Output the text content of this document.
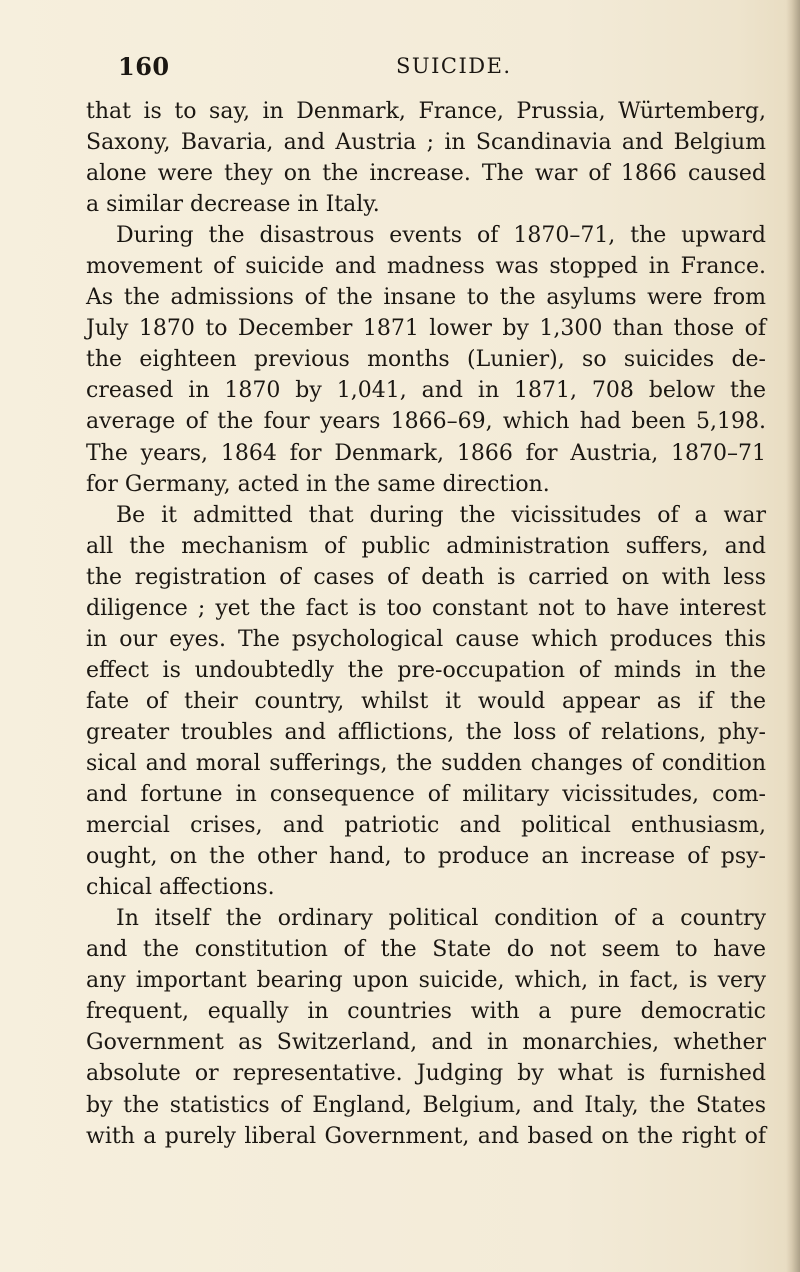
160	SUICIDE.
that is to say, in Denmark, France, Prussia, Würtemberg,
Saxony, Bavaria, and Austria ; in Scandinavia and Belgium
alone were they on the increase. The war of 1866 caused
a similar decrease in Italy.
During the disastrous events of 1870–71, the upward
movement of suicide and madness was stopped in France.
As the admissions of the insane to the asylums were from
July 1870 to December 1871 lower by 1,300 than those of
the eighteen previous months (Lunier), so suicides de-
creased in 1870 by 1,041, and in 1871, 708 below the
average of the four years 1866–69, which had been 5,198.
The years, 1864 for Denmark, 1866 for Austria, 1870–71
for Germany, acted in the same direction.
Be it admitted that during the vicissitudes of a war
all the mechanism of public administration suffers, and
the registration of cases of death is carried on with less
diligence ; yet the fact is too constant not to have interest
in our eyes. The psychological cause which produces this
effect is undoubtedly the pre-occupation of minds in the
fate of their country, whilst it would appear as if the
greater troubles and afflictions, the loss of relations, phy-
sical and moral sufferings, the sudden changes of condition
and fortune in consequence of military vicissitudes, com-
mercial crises, and patriotic and political enthusiasm,
ought, on the other hand, to produce an increase of psy-
chical affections.
In itself the ordinary political condition of a country
and the constitution of the State do not seem to have
any important bearing upon suicide, which, in fact, is very
frequent, equally in countries with a pure democratic
Government as Switzerland, and in monarchies, whether
absolute or representative. Judging by what is furnished
by the statistics of England, Belgium, and Italy, the States
with a purely liberal Government, and based on the right of
